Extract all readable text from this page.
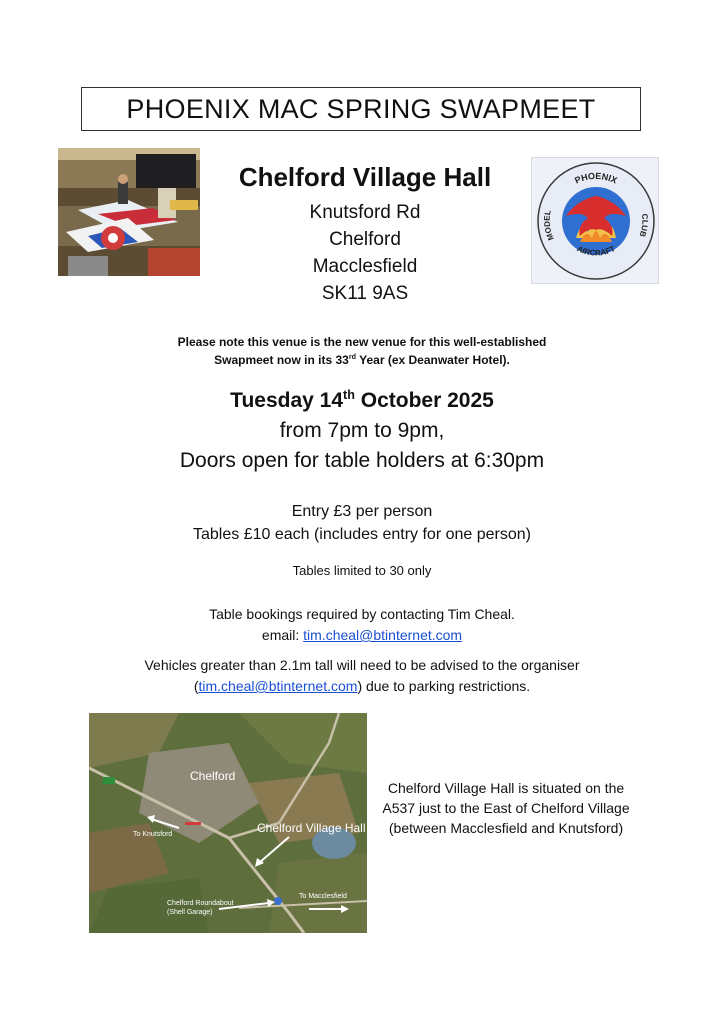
PHOENIX MAC SPRING SWAPMEET
Chelford Village Hall
Knutsford Rd
Chelford
Macclesfield
SK11 9AS
PHOENIX
MODEL
AIRCRAFT
CLUB
Please note this venue is the new venue for this well-established
Swapmeet now in its 33rd Year (ex Deanwater Hotel).
Tuesday 14th October 2025
from 7pm to 9pm,
Doors open for table holders at 6:30pm
Entry £3 per person
Tables £10 each (includes entry for one person)
Tables limited to 30 only
Table bookings required by contacting Tim Cheal.
email: tim.cheal@btinternet.com
Vehicles greater than 2.1m tall will need to be advised to the organiser
(tim.cheal@btinternet.com) due to parking restrictions.
Chelford
Chelford Village Hall
To Knutsford
To Macclesfield
Chelford Roundabout
(Shell Garage)
Chelford Village Hall is situated on the A537 just to the East of Chelford Village (between Macclesfield and Knutsford)
